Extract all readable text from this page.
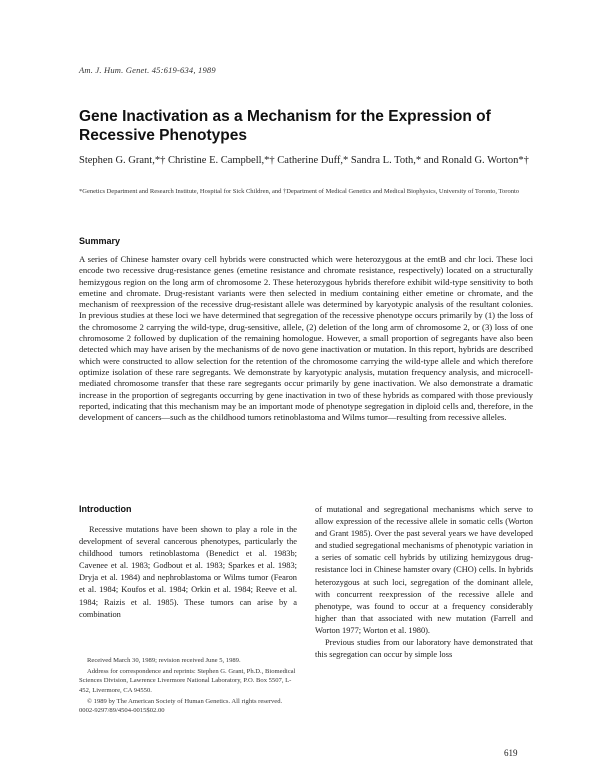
Am. J. Hum. Genet. 45:619-634, 1989
Gene Inactivation as a Mechanism for the Expression of Recessive Phenotypes
Stephen G. Grant,*† Christine E. Campbell,*† Catherine Duff,* Sandra L. Toth,* and Ronald G. Worton*†
*Genetics Department and Research Institute, Hospital for Sick Children, and †Department of Medical Genetics and Medical Biophysics, University of Toronto, Toronto
Summary
A series of Chinese hamster ovary cell hybrids were constructed which were heterozygous at the emtB and chr loci. These loci encode two recessive drug-resistance genes (emetine resistance and chromate resistance, respectively) located on a structurally hemizygous region on the long arm of chromosome 2. These heterozygous hybrids therefore exhibit wild-type sensitivity to both emetine and chromate. Drug-resistant variants were then selected in medium containing either emetine or chromate, and the mechanism of reexpression of the recessive drug-resistant allele was determined by karyotypic analysis of the resultant colonies. In previous studies at these loci we have determined that segregation of the recessive phenotype occurs primarily by (1) the loss of the chromosome 2 carrying the wild-type, drug-sensitive, allele, (2) deletion of the long arm of chromosome 2, or (3) loss of one chromosome 2 followed by duplication of the remaining homologue. However, a small proportion of segregants have also been detected which may have arisen by the mechanisms of de novo gene inactivation or mutation. In this report, hybrids are described which were constructed to allow selection for the retention of the chromosome carrying the wild-type allele and which therefore optimize isolation of these rare segregants. We demonstrate by karyotypic analysis, mutation frequency analysis, and microcell-mediated chromosome transfer that these rare segregants occur primarily by gene inactivation. We also demonstrate a dramatic increase in the proportion of segregants occurring by gene inactivation in two of these hybrids as compared with those previously reported, indicating that this mechanism may be an important mode of phenotype segregation in diploid cells and, therefore, in the development of cancers—such as the childhood tumors retinoblastoma and Wilms tumor—resulting from recessive alleles.
Introduction

Recessive mutations have been shown to play a role in the development of several cancerous phenotypes, particularly the childhood tumors retinoblastoma (Benedict et al. 1983b; Cavenee et al. 1983; Godbout et al. 1983; Sparkes et al. 1983; Dryja et al. 1984) and nephroblastoma or Wilms tumor (Fearon et al. 1984; Koufos et al. 1984; Orkin et al. 1984; Reeve et al. 1984; Raizis et al. 1985). These tumors can arise by a combination

of mutational and segregational mechanisms which serve to allow expression of the recessive allele in somatic cells (Worton and Grant 1985). Over the past several years we have developed and studied segregational mechanisms of phenotypic variation in a series of somatic cell hybrids by utilizing hemizygous drug-resistance loci in Chinese hamster ovary (CHO) cells. In hybrids heterozygous at such loci, segregation of the dominant allele, with concurrent reexpression of the recessive allele and phenotype, was found to occur at a frequency considerably higher than that associated with new mutation (Farrell and Worton 1977; Worton et al. 1980).

Previous studies from our laboratory have demonstrated that this segregation can occur by simple loss

Received March 30, 1989; revision received June 5, 1989.

Address for correspondence and reprints: Stephen G. Grant, Ph.D., Biomedical Sciences Division, Lawrence Livermore National Laboratory, P.O. Box 5507, L-452, Livermore, CA 94550.

© 1989 by The American Society of Human Genetics. All rights reserved. 0002-9297/89/4504-0015$02.00

619
